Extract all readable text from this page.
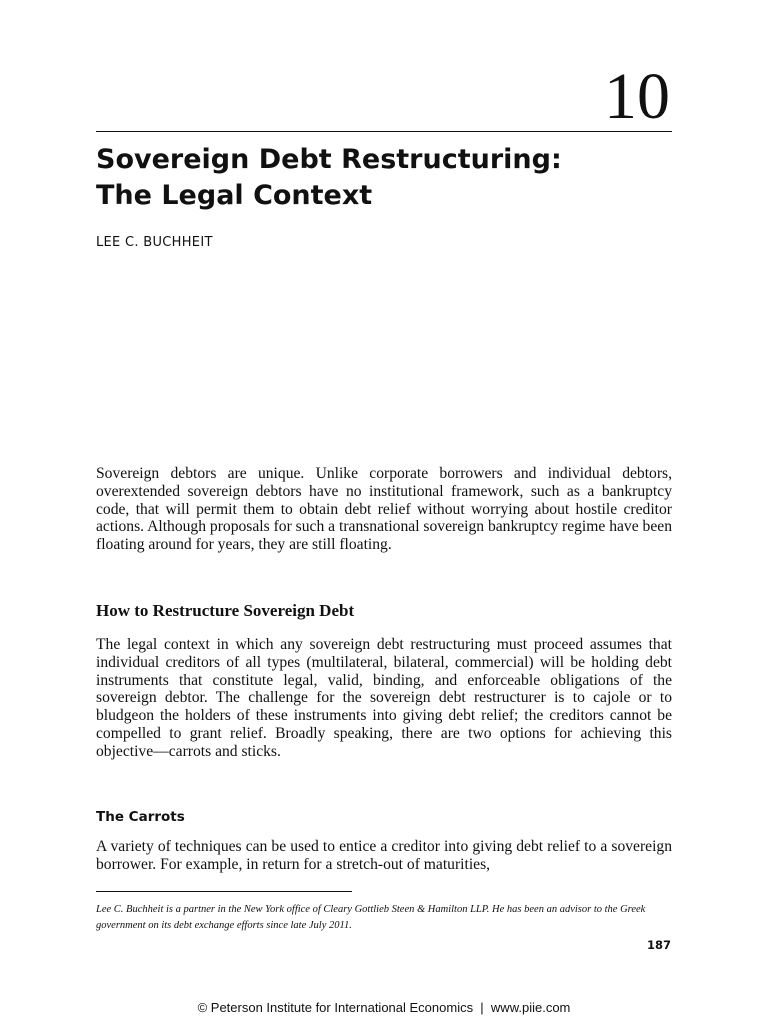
10
Sovereign Debt Restructuring:
The Legal Context
LEE C. BUCHHEIT

Sovereign debtors are unique. Unlike corporate borrowers and individual debtors, overextended sovereign debtors have no institutional framework, such as a bankruptcy code, that will permit them to obtain debt relief without worrying about hostile creditor actions. Although proposals for such a transnational sovereign bankruptcy regime have been floating around for years, they are still floating.

How to Restructure Sovereign Debt

The legal context in which any sovereign debt restructuring must proceed assumes that individual creditors of all types (multilateral, bilateral, commercial) will be holding debt instruments that constitute legal, valid, binding, and enforceable obligations of the sovereign debtor. The challenge for the sovereign debt restructurer is to cajole or to bludgeon the holders of these instruments into giving debt relief; the creditors cannot be compelled to grant relief. Broadly speaking, there are two options for achieving this objective—carrots and sticks.

The Carrots

A variety of techniques can be used to entice a creditor into giving debt relief to a sovereign borrower. For example, in return for a stretch-out of maturities,

Lee C. Buchheit is a partner in the New York office of Cleary Gottlieb Steen & Hamilton LLP. He has been an advisor to the Greek government on its debt exchange efforts since late July 2011.

187
© Peterson Institute for International Economics  |  www.piie.com
